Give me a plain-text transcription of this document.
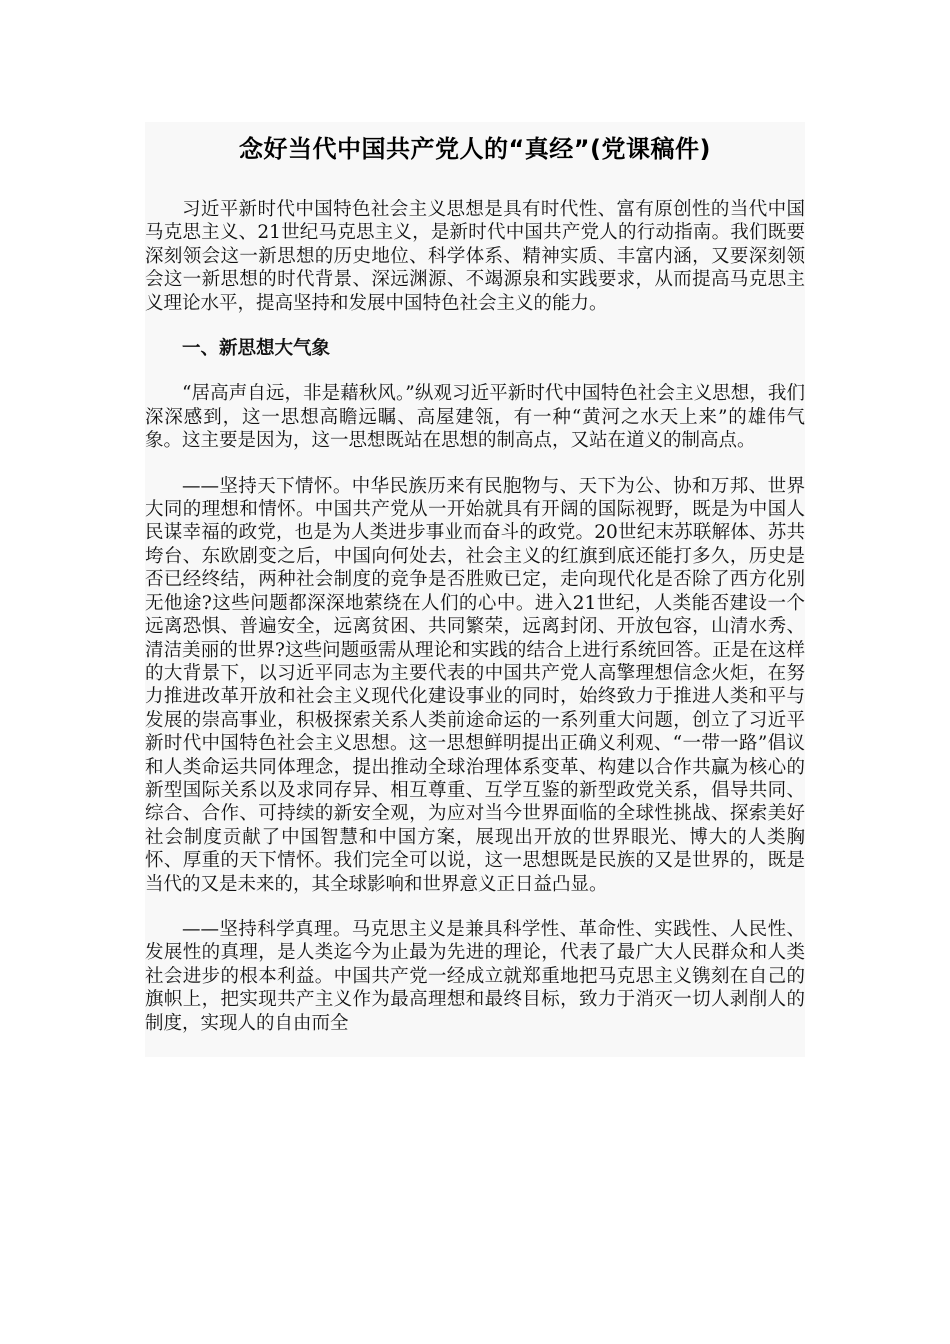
念好当代中国共产党人的“真经”(党课稿件)

习近平新时代中国特色社会主义思想是具有时代性、富有原创性的当代中国马克思主义、21世纪马克思主义，是新时代中国共产党人的行动指南。我们既要深刻领会这一新思想的历史地位、科学体系、精神实质、丰富内涵，又要深刻领会这一新思想的时代背景、深远渊源、不竭源泉和实践要求，从而提高马克思主义理论水平，提高坚持和发展中国特色社会主义的能力。

一、新思想大气象

“居高声自远，非是藉秋风。”纵观习近平新时代中国特色社会主义思想，我们深深感到，这一思想高瞻远瞩、高屋建瓴，有一种“黄河之水天上来”的雄伟气象。这主要是因为，这一思想既站在思想的制高点，又站在道义的制高点。

——坚持天下情怀。中华民族历来有民胞物与、天下为公、协和万邦、世界大同的理想和情怀。中国共产党从一开始就具有开阔的国际视野，既是为中国人民谋幸福的政党，也是为人类进步事业而奋斗的政党。20世纪末苏联解体、苏共垮台、东欧剧变之后，中国向何处去，社会主义的红旗到底还能打多久，历史是否已经终结，两种社会制度的竞争是否胜败已定，走向现代化是否除了西方化别无他途?这些问题都深深地萦绕在人们的心中。进入21世纪，人类能否建设一个远离恐惧、普遍安全，远离贫困、共同繁荣，远离封闭、开放包容，山清水秀、清洁美丽的世界?这些问题亟需从理论和实践的结合上进行系统回答。正是在这样的大背景下，以习近平同志为主要代表的中国共产党人高擎理想信念火炬，在努力推进改革开放和社会主义现代化建设事业的同时，始终致力于推进人类和平与发展的崇高事业，积极探索关系人类前途命运的一系列重大问题，创立了习近平新时代中国特色社会主义思想。这一思想鲜明提出正确义利观、“一带一路”倡议和人类命运共同体理念，提出推动全球治理体系变革、构建以合作共赢为核心的新型国际关系以及求同存异、相互尊重、互学互鉴的新型政党关系，倡导共同、综合、合作、可持续的新安全观，为应对当今世界面临的全球性挑战、探索美好社会制度贡献了中国智慧和中国方案，展现出开放的世界眼光、博大的人类胸怀、厚重的天下情怀。我们完全可以说，这一思想既是民族的又是世界的，既是当代的又是未来的，其全球影响和世界意义正日益凸显。

——坚持科学真理。马克思主义是兼具科学性、革命性、实践性、人民性、发展性的真理，是人类迄今为止最为先进的理论，代表了最广大人民群众和人类社会进步的根本利益。中国共产党一经成立就郑重地把马克思主义镌刻在自己的旗帜上，把实现共产主义作为最高理想和最终目标，致力于消灭一切人剥削人的制度，实现人的自由而全
